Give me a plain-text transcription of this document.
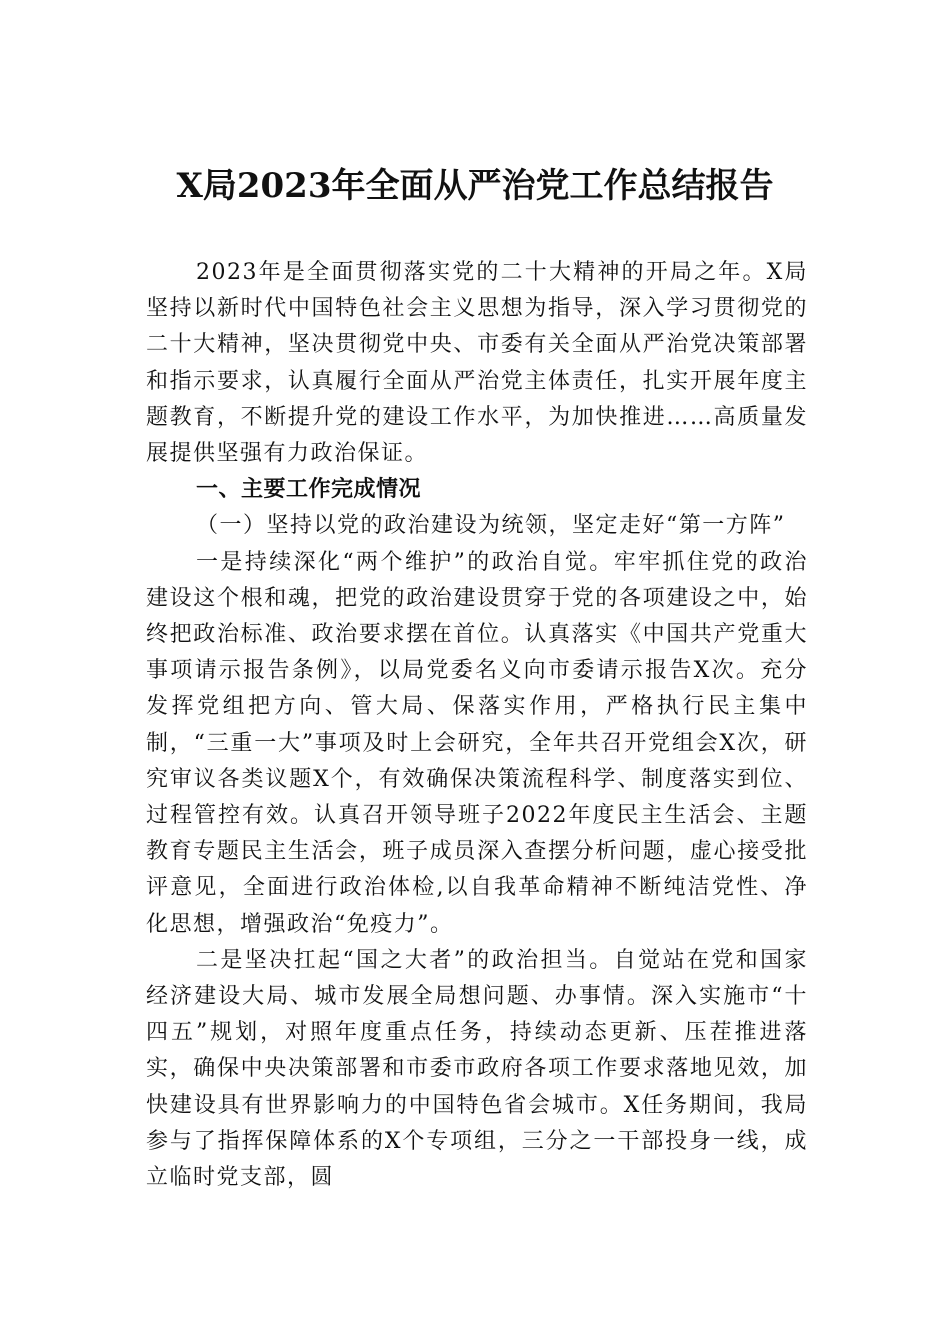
X局2023年全面从严治党工作总结报告

2023年是全面贯彻落实党的二十大精神的开局之年。X局坚持以新时代中国特色社会主义思想为指导，深入学习贯彻党的二十大精神，坚决贯彻党中央、市委有关全面从严治党决策部署和指示要求，认真履行全面从严治党主体责任，扎实开展年度主题教育，不断提升党的建设工作水平，为加快推进……高质量发展提供坚强有力政治保证。

一、主要工作完成情况

（一）坚持以党的政治建设为统领，坚定走好“第一方阵”

一是持续深化“两个维护”的政治自觉。牢牢抓住党的政治建设这个根和魂，把党的政治建设贯穿于党的各项建设之中，始终把政治标准、政治要求摆在首位。认真落实《中国共产党重大事项请示报告条例》，以局党委名义向市委请示报告X次。充分发挥党组把方向、管大局、保落实作用，严格执行民主集中制，“三重一大”事项及时上会研究，全年共召开党组会X次，研究审议各类议题X个，有效确保决策流程科学、制度落实到位、过程管控有效。认真召开领导班子2022年度民主生活会、主题教育专题民主生活会，班子成员深入查摆分析问题，虚心接受批评意见，全面进行政治体检,以自我革命精神不断纯洁党性、净化思想，增强政治“免疫力”。

二是坚决扛起“国之大者”的政治担当。自觉站在党和国家经济建设大局、城市发展全局想问题、办事情。深入实施市“十四五”规划，对照年度重点任务，持续动态更新、压茬推进落实，确保中央决策部署和市委市政府各项工作要求落地见效，加快建设具有世界影响力的中国特色省会城市。X任务期间，我局参与了指挥保障体系的X个专项组，三分之一干部投身一线，成立临时党支部，圆
